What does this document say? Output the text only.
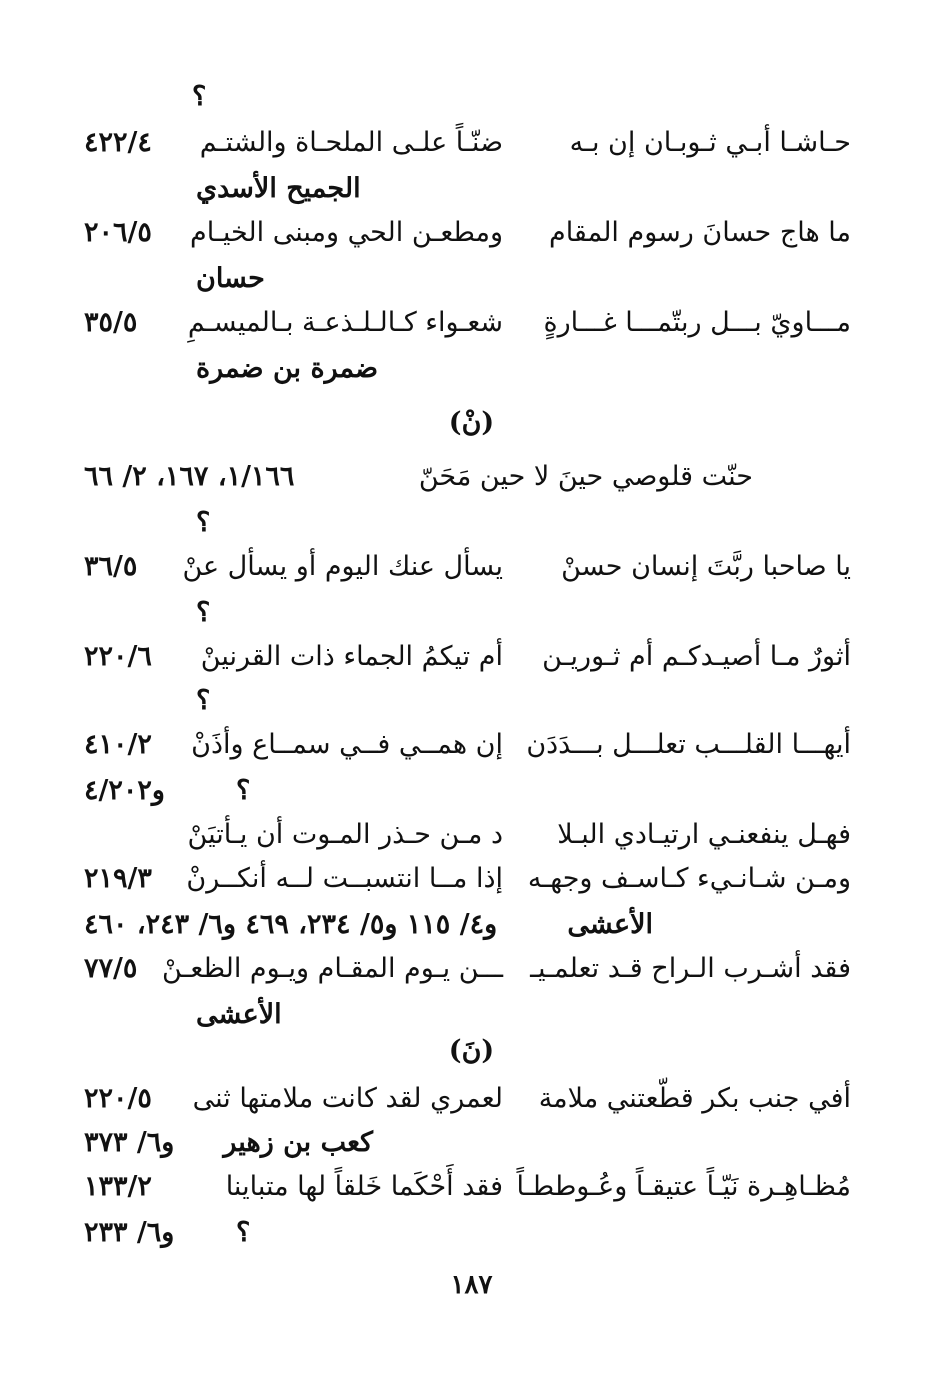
؟
حـاشـا أبـي ثـوبـان إن بـه
ضنّـاً علـى الملحـاة والشتـم
٤٢٢/٤
الجميح الأسدي
ما هاج حسانَ رسوم المقام
ومطعـن الحي ومبنى الخيـام
٢٠٦/٥
حسان
مـــاويّ بـــل ربتّمـــا غـــارةٍ
شعـواء كـالـلـذعـة بـالميسـمِ
٣٥/٥
ضمرة بن ضمرة
(نْ)
حنّت قلوصي حينَ لا حين مَحَنّ
١/١٦٦، ١٦٧، ٢/ ٦٦
؟
يا صاحبا ربَّتَ إنسان حسنْ
يسأل عنك اليوم أو يسأل عنْ
٣٦/٥
؟
أثورٌ مـا أصيـدكـم أم ثـوريـن
أم تيكمُ الجماء ذات القرنينْ
٢٢٠/٦
؟
أيهـــا القلـــب تعلـــل بـــدَدَن
إن همــي فــي سمــاع وأذَنْ
٤١٠/٢
؟
و٤/٢٠٢
فهـل ينفعنـي ارتيـادي البـلا
د مـن حـذر المـوت أن يـأتيَنْ
ومـن شـانـيء كـاسـف وجهـه
إذا مــا انتسبــت لــه أنكــرنْ
٢١٩/٣
الأعشى
و٤/ ١١٥ و٥/ ٢٣٤، ٤٦٩ و٦/ ٢٤٣، ٤٦٠
فقد أشـرب الـراح قـد تعلمـيـ
ـــن يـوم المقـام ويـوم الظعـنْ
٧٧/٥
الأعشى
(نَ)
أفي جنب بكر قطّعتني ملامة
لعمري لقد كانت ملامتها ثنى
٢٢٠/٥
كعب بن زهير
و٦/ ٣٧٣
مُظـاهِـرة نَيّـاً عتيقـاً وعُـوططـاً
فقد أَحْكَما خَلقاً لها متباينا
١٣٣/٢
؟
و٦/ ٢٣٣
١٨٧
